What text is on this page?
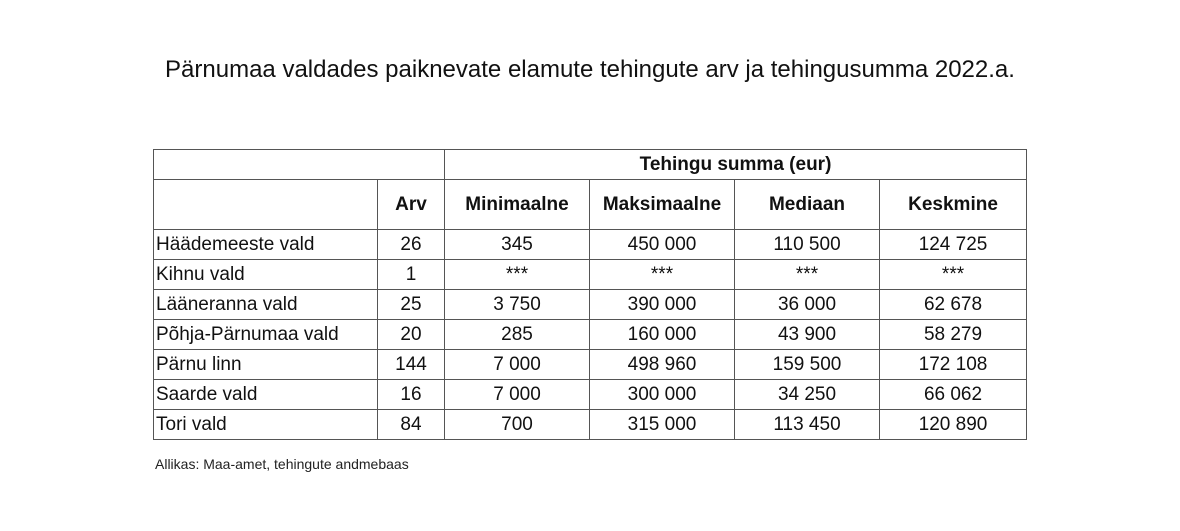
Pärnumaa valdades paiknevate elamute tehingute arv ja tehingusumma 2022.a.
		Tehingu summa (eur)			
	Arv	Minimaalne	Maksimaalne	Mediaan	Keskmine
Häädemeeste vald	26	345	450 000	110 500	124 725
Kihnu vald	1	***	***	***	***
Lääneranna vald	25	3 750	390 000	36 000	62 678
Põhja-Pärnumaa vald	20	285	160 000	43 900	58 279
Pärnu linn	144	7 000	498 960	159 500	172 108
Saarde vald	16	7 000	300 000	34 250	66 062
Tori vald	84	700	315 000	113 450	120 890
Allikas: Maa-amet, tehingute andmebaas
